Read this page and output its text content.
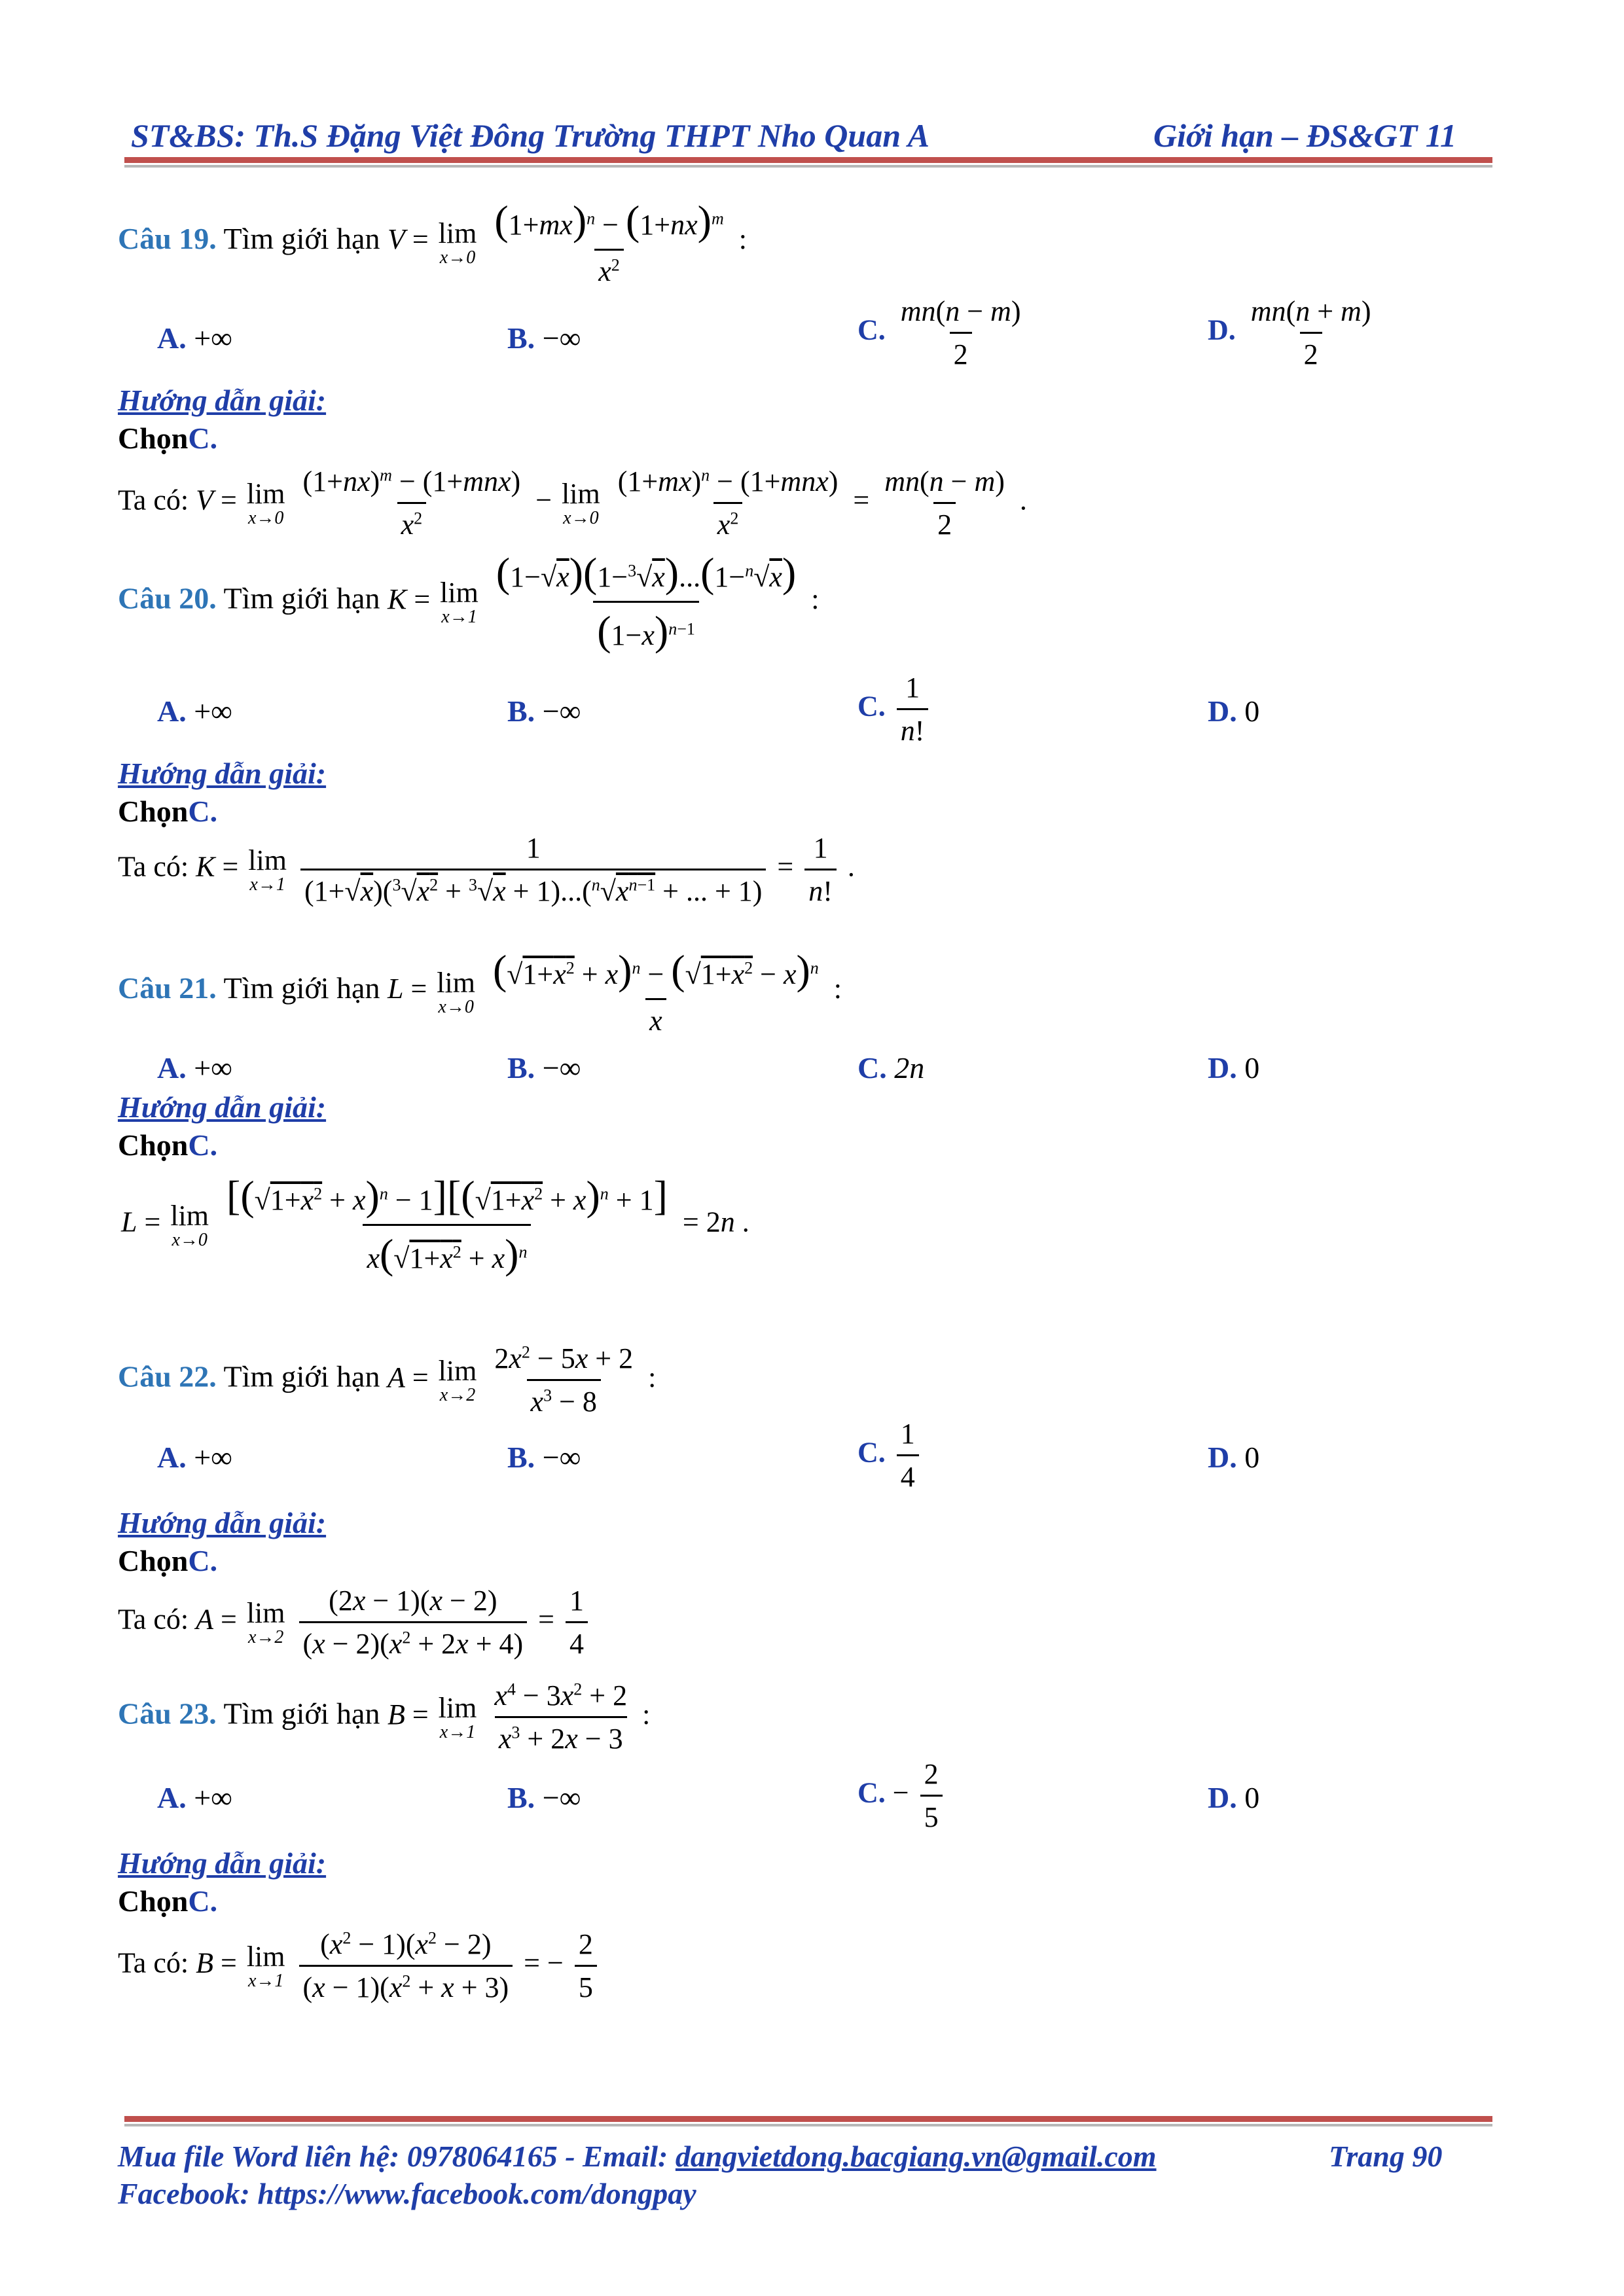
ST&BS: Th.S Đặng Việt Đông Trường THPT Nho Quan A	Giới hạn – ĐS&GT 11
Câu 19. Tìm giới hạn V = lim
x→0
$\frac{(1+mx)^n - (1+nx)^m}{x^2}$ :
A. +∞	B. −∞	C. $\frac{mn(n - m)}{2}$	D. $\frac{mn(n + m)}{2}$
Hướng dẫn giải:
ChọnC.
Ta có: V = lim
x→0
$\frac{(1+nx)^m - (1+mnx)}{x^2} - \lim$
x→0
$\frac{(1+mx)^n - (1+mnx)}{x^2} = \frac{mn(n - m)}{2}$ .
Câu 20. Tìm giới hạn K = lim
x→1
$\frac{(1-√x)(1-^3√x)...(1-^n√x)}{(1-x)^{n-1}}$ :
A. +∞	B. −∞	C. $\frac{1}{n!}$	D. 0
Hướng dẫn giải:
ChọnC.
Ta có: K = lim
x→1
$\frac{1}{(1+√x)(^3√x^2 + ^3√x + 1)...(^n√x^{n-1} + ... + 1)} = \frac{1}{n!}$ .
Câu 21. Tìm giới hạn L = lim
x→0
$\frac{(√1+x^2 + x)^n - (√1+x^2 - x)^n}{x}$ :
A. +∞	B. −∞	C. 2n	D. 0
Hướng dẫn giải:
ChọnC.
L = lim
x→0
$\frac{[(√1+x^2 + x)^n - 1][(√1+x^2 + x)^n + 1]}{x(√1+x^2 + x)^n} = 2n$ .
Câu 22. Tìm giới hạn A = lim
x→2
$\frac{2x^2 - 5x + 2}{x^3 - 8}$ :
A. +∞	B. −∞	C. $\frac{1}{4}$	D. 0
Hướng dẫn giải:
ChọnC.
Ta có: A = lim
x→2
$\frac{(2x - 1)(x - 2)}{(x - 2)(x^2 + 2x + 4)} = \frac{1}{4}$
Câu 23. Tìm giới hạn B = lim
x→1
$\frac{x^4 - 3x^2 + 2}{x^3 + 2x - 3}$ :
A. +∞	B. −∞	C. − $\frac{2}{5}$	D. 0
Hướng dẫn giải:
ChọnC.
Ta có: B = lim
x→1
$\frac{(x^2 - 1)(x^2 - 2)}{(x - 1)(x^2 + x + 3)}$ = − $\frac{2}{5}$
Mua file Word liên hệ: 0978064165 - Email: dangvietdong.bacgiang.vn@gmail.com	Trang 90
Facebook: https://www.facebook.com/dongpay
